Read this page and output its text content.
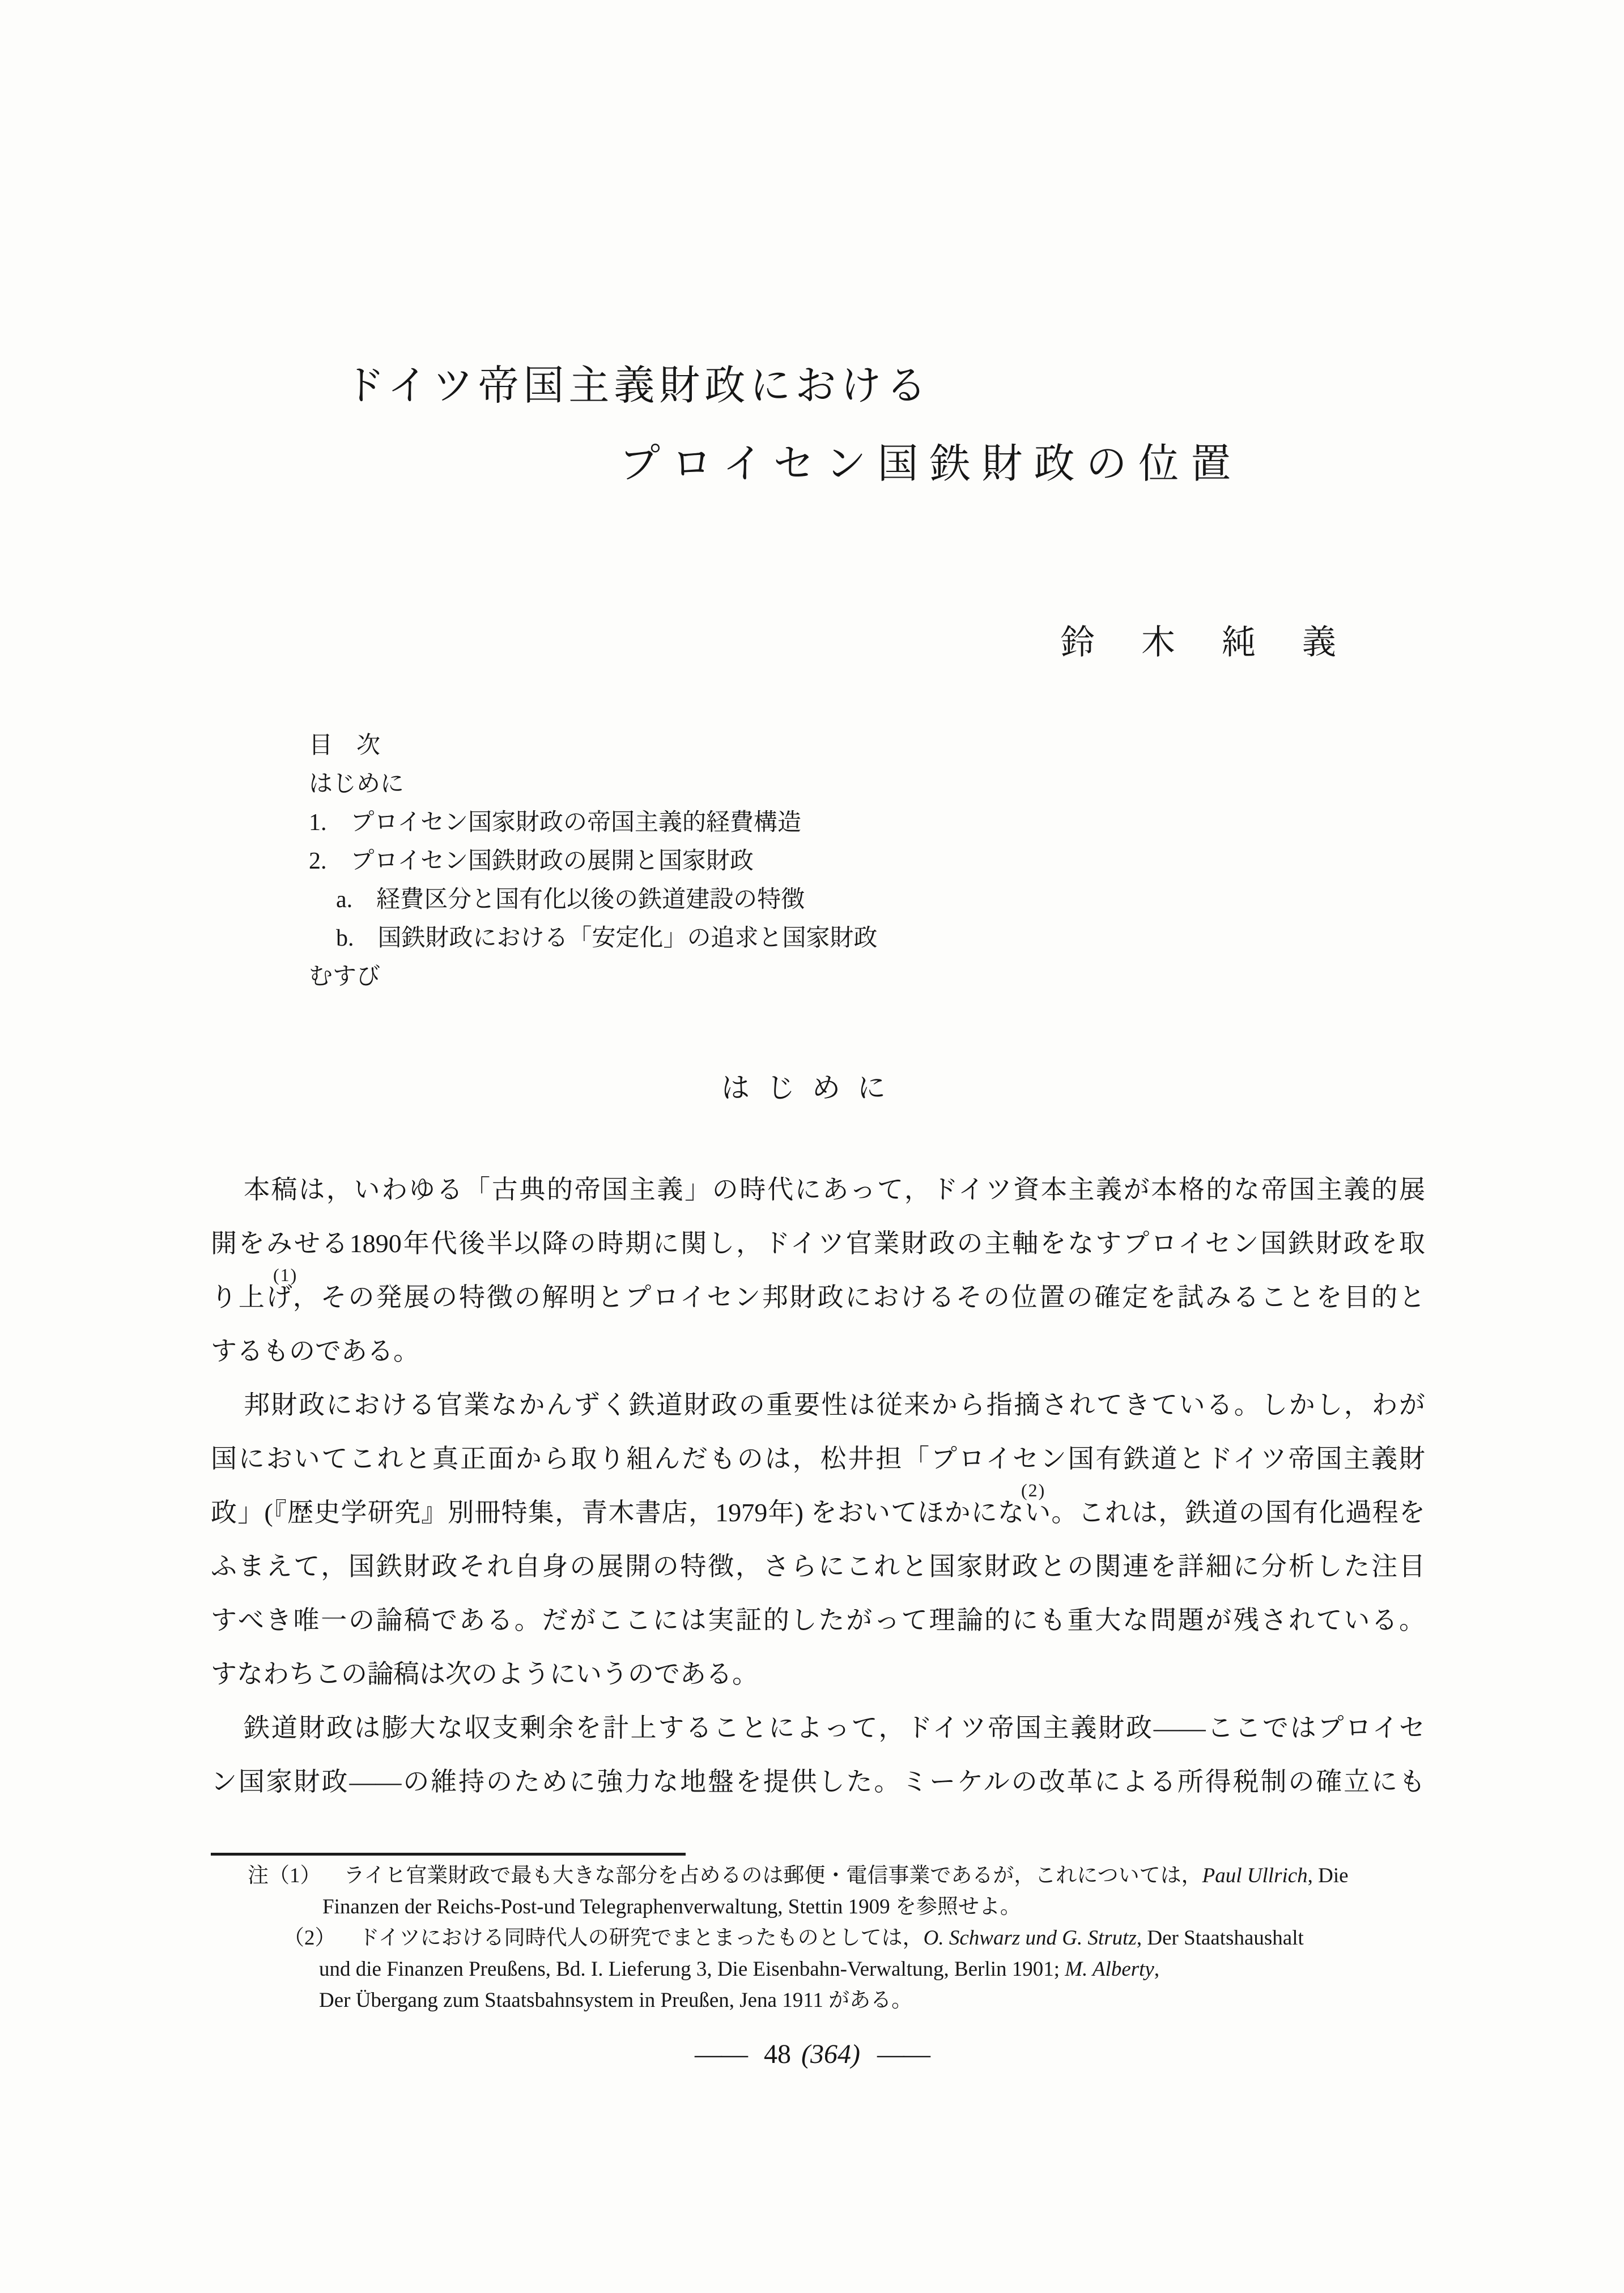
ドイツ帝国主義財政における
プロイセン国鉄財政の位置
鈴木純義
目　次
はじめに
1.　プロイセン国家財政の帝国主義的経費構造
2.　プロイセン国鉄財政の展開と国家財政
a.　経費区分と国有化以後の鉄道建設の特徴
b.　国鉄財政における「安定化」の追求と国家財政
むすび
はじめに
本稿は，いわゆる「古典的帝国主義」の時代にあって，ドイツ資本主義が本格的な帝国主義的展
開をみせる1890年代後半以降の時期に関し，ドイツ官業財政の主軸をなすプロイセン国鉄財政を取
(1)
り上げ，その発展の特徴の解明とプロイセン邦財政におけるその位置の確定を試みることを目的と
するものである。
邦財政における官業なかんずく鉄道財政の重要性は従来から指摘されてきている。しかし，わが
国においてこれと真正面から取り組んだものは，松井担「プロイセン国有鉄道とドイツ帝国主義財
(2)
政」(『歴史学研究』別冊特集，青木書店，1979年) をおいてほかにない。これは，鉄道の国有化過程を
ふまえて，国鉄財政それ自身の展開の特徴，さらにこれと国家財政との関連を詳細に分析した注目
すべき唯一の論稿である。だがここには実証的したがって理論的にも重大な問題が残されている。
すなわちこの論稿は次のようにいうのである。
鉄道財政は膨大な収支剰余を計上することによって，ドイツ帝国主義財政——ここではプロイセ
ン国家財政——の維持のために強力な地盤を提供した。ミーケルの改革による所得税制の確立にも
注（1） ライヒ官業財政で最も大きな部分を占めるのは郵便・電信事業であるが，これについては，Paul Ullrich, Die
Finanzen der Reichs-Post-und Telegraphenverwaltung, Stettin 1909 を参照せよ。
（2） ドイツにおける同時代人の研究でまとまったものとしては，O. Schwarz und G. Strutz, Der Staatshaushalt
und die Finanzen Preußens, Bd. I. Lieferung 3, Die Eisenbahn-Verwaltung, Berlin 1901; M. Alberty,
Der Übergang zum Staatsbahnsystem in Preußen, Jena 1911 がある。
—— 48 (364) ——
